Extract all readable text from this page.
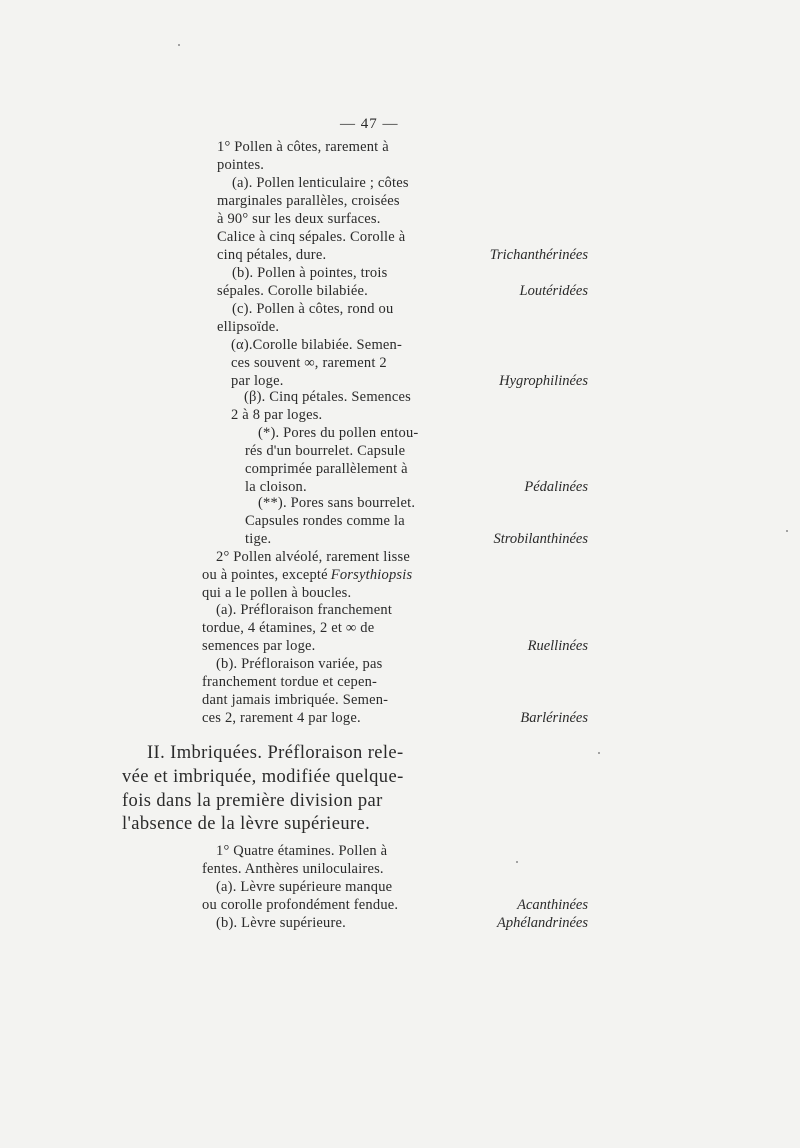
— 47 —
1° Pollen à côtes, rarement à
pointes.
(a). Pollen lenticulaire ; côtes
marginales parallèles, croisées
à 90° sur les deux surfaces.
Calice à cinq sépales. Corolle à
cinq pétales, dure.	Trichanthérinées
(b). Pollen à pointes, trois
sépales. Corolle bilabiée.	Loutéridées
(c). Pollen à côtes, rond ou
ellipsoïde.
(α).Corolle bilabiée. Semen-
ces souvent ∞, rarement 2
par loge.	Hygrophilinées
(β). Cinq pétales. Semences
2 à 8 par loges.
(*). Pores du pollen entou-
rés d'un bourrelet. Capsule
comprimée parallèlement à
la cloison.	Pédalinées
(**). Pores sans bourrelet.
Capsules rondes comme la
tige.	Strobilanthinées
2° Pollen alvéolé, rarement lisse
ou à pointes, excepté Forsythiopsis
qui a le pollen à boucles.
(a). Préfloraison franchement
tordue, 4 étamines, 2 et ∞ de
semences par loge.	Ruellinées
(b). Préfloraison variée, pas
franchement tordue et cepen-
dant jamais imbriquée. Semen-
ces 2, rarement 4 par loge.	Barlérinées
II. Imbriquées. Préfloraison rele-
vée et imbriquée, modifiée quelque-
fois dans la première division par
l'absence de la lèvre supérieure.
1° Quatre étamines. Pollen à
fentes. Anthères uniloculaires.
(a). Lèvre supérieure manque
ou corolle profondément fendue.	Acanthinées
(b). Lèvre supérieure.	Aphélandrinées
